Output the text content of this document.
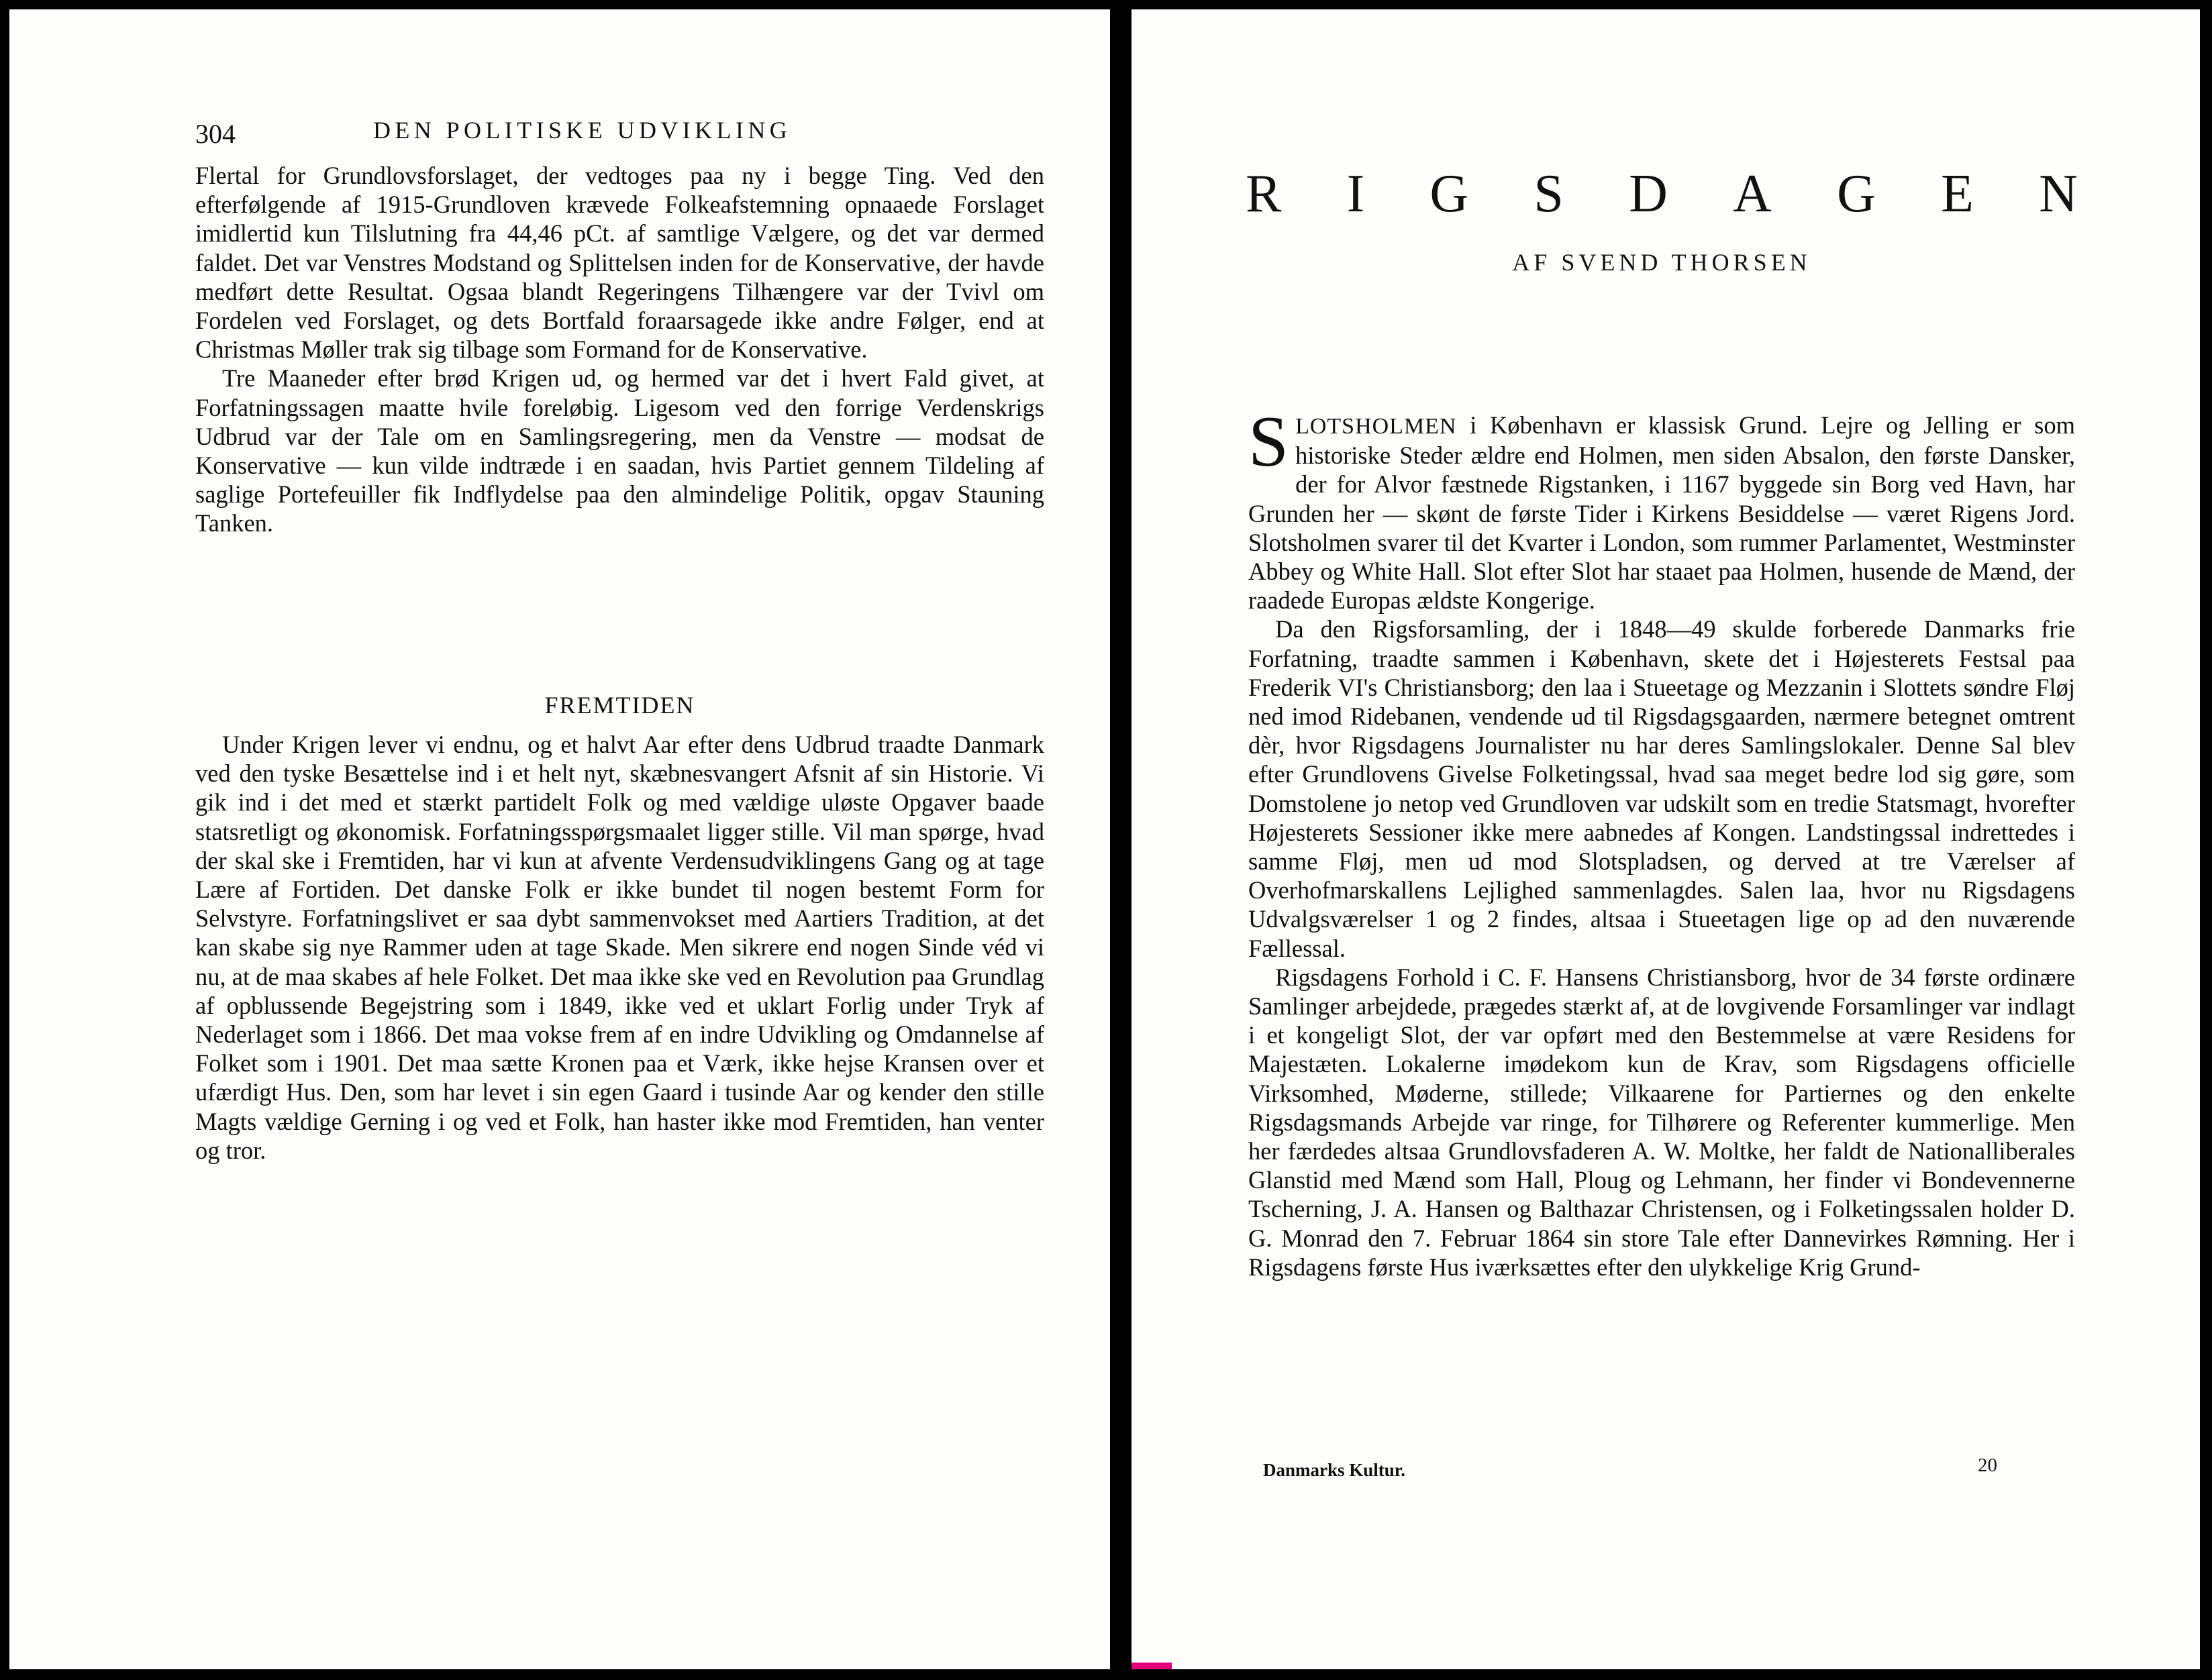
304	DEN POLITISKE UDVIKLING

Flertal for Grundlovsforslaget, der vedtoges paa ny i begge Ting. Ved den efterfølgende af 1915-Grundloven krævede Folkeafstemning opnaaede Forslaget imidlertid kun Tilslutning fra 44,46 pCt. af samtlige Vælgere, og det var dermed faldet. Det var Venstres Modstand og Splittelsen inden for de Konservative, der havde medført dette Resultat. Ogsaa blandt Regeringens Tilhængere var der Tvivl om Fordelen ved Forslaget, og dets Bortfald foraarsagede ikke andre Følger, end at Christmas Møller trak sig tilbage som Formand for de Konservative.

Tre Maaneder efter brød Krigen ud, og hermed var det i hvert Fald givet, at Forfatningssagen maatte hvile foreløbig. Ligesom ved den forrige Verdenskrigs Udbrud var der Tale om en Samlingsregering, men da Venstre — modsat de Konservative — kun vilde indtræde i en saadan, hvis Partiet gennem Tildeling af saglige Portefeuiller fik Indflydelse paa den almindelige Politik, opgav Stauning Tanken.

FREMTIDEN

Under Krigen lever vi endnu, og et halvt Aar efter dens Udbrud traadte Danmark ved den tyske Besættelse ind i et helt nyt, skæbnesvangert Afsnit af sin Historie. Vi gik ind i det med et stærkt partidelt Folk og med vældige uløste Opgaver baade statsretligt og økonomisk. Forfatningsspørgsmaalet ligger stille. Vil man spørge, hvad der skal ske i Fremtiden, har vi kun at afvente Verdensudviklingens Gang og at tage Lære af Fortiden. Det danske Folk er ikke bundet til nogen bestemt Form for Selvstyre. Forfatningslivet er saa dybt sammenvokset med Aartiers Tradition, at det kan skabe sig nye Rammer uden at tage Skade. Men sikrere end nogen Sinde véd vi nu, at de maa skabes af hele Folket. Det maa ikke ske ved en Revolution paa Grundlag af opblussende Begejstring som i 1849, ikke ved et uklart Forlig under Tryk af Nederlaget som i 1866. Det maa vokse frem af en indre Udvikling og Omdannelse af Folket som i 1901. Det maa sætte Kronen paa et Værk, ikke hejse Kransen over et ufærdigt Hus. Den, som har levet i sin egen Gaard i tusinde Aar og kender den stille Magts vældige Gerning i og ved et Folk, han haster ikke mod Fremtiden, han venter og tror.

R I G S D A G E N
AF SVEND THORSEN

SLOTSHOLMEN i København er klassisk Grund. Lejre og Jelling er som historiske Steder ældre end Holmen, men siden Absalon, den første Dansker, der for Alvor fæstnede Rigstanken, i 1167 byggede sin Borg ved Havn, har Grunden her — skønt de første Tider i Kirkens Besiddelse — været Rigens Jord. Slotsholmen svarer til det Kvarter i London, som rummer Parlamentet, Westminster Abbey og White Hall. Slot efter Slot har staaet paa Holmen, husende de Mænd, der raadede Europas ældste Kongerige.

Da den Rigsforsamling, der i 1848—49 skulde forberede Danmarks frie Forfatning, traadte sammen i København, skete det i Højesterets Festsal paa Frederik VI's Christiansborg; den laa i Stueetage og Mezzanin i Slottets søndre Fløj ned imod Ridebanen, vendende ud til Rigsdagsgaarden, nærmere betegnet omtrent dèr, hvor Rigsdagens Journalister nu har deres Samlingslokaler. Denne Sal blev efter Grundlovens Givelse Folketingssal, hvad saa meget bedre lod sig gøre, som Domstolene jo netop ved Grundloven var udskilt som en tredie Statsmagt, hvorefter Højesterets Sessioner ikke mere aabnedes af Kongen. Landstingssal indrettedes i samme Fløj, men ud mod Slotspladsen, og derved at tre Værelser af Overhofmarskallens Lejlighed sammenlagdes. Salen laa, hvor nu Rigsdagens Udvalgsværelser 1 og 2 findes, altsaa i Stueetagen lige op ad den nuværende Fællessal.

Rigsdagens Forhold i C. F. Hansens Christiansborg, hvor de 34 første ordinære Samlinger arbejdede, prægedes stærkt af, at de lovgivende Forsamlinger var indlagt i et kongeligt Slot, der var opført med den Bestemmelse at være Residens for Majestæten. Lokalerne imødekom kun de Krav, som Rigsdagens officielle Virksomhed, Møderne, stillede; Vilkaarene for Partiernes og den enkelte Rigsdagsmands Arbejde var ringe, for Tilhørere og Referenter kummerlige. Men her færdedes altsaa Grundlovsfaderen A. W. Moltke, her faldt de Nationalliberales Glanstid med Mænd som Hall, Ploug og Lehmann, her finder vi Bondevennerne Tscherning, J. A. Hansen og Balthazar Christensen, og i Folketingssalen holder D. G. Monrad den 7. Februar 1864 sin store Tale efter Dannevirkes Rømning. Her i Rigsdagens første Hus iværksættes efter den ulykkelige Krig Grund-

Danmarks Kultur.	20
